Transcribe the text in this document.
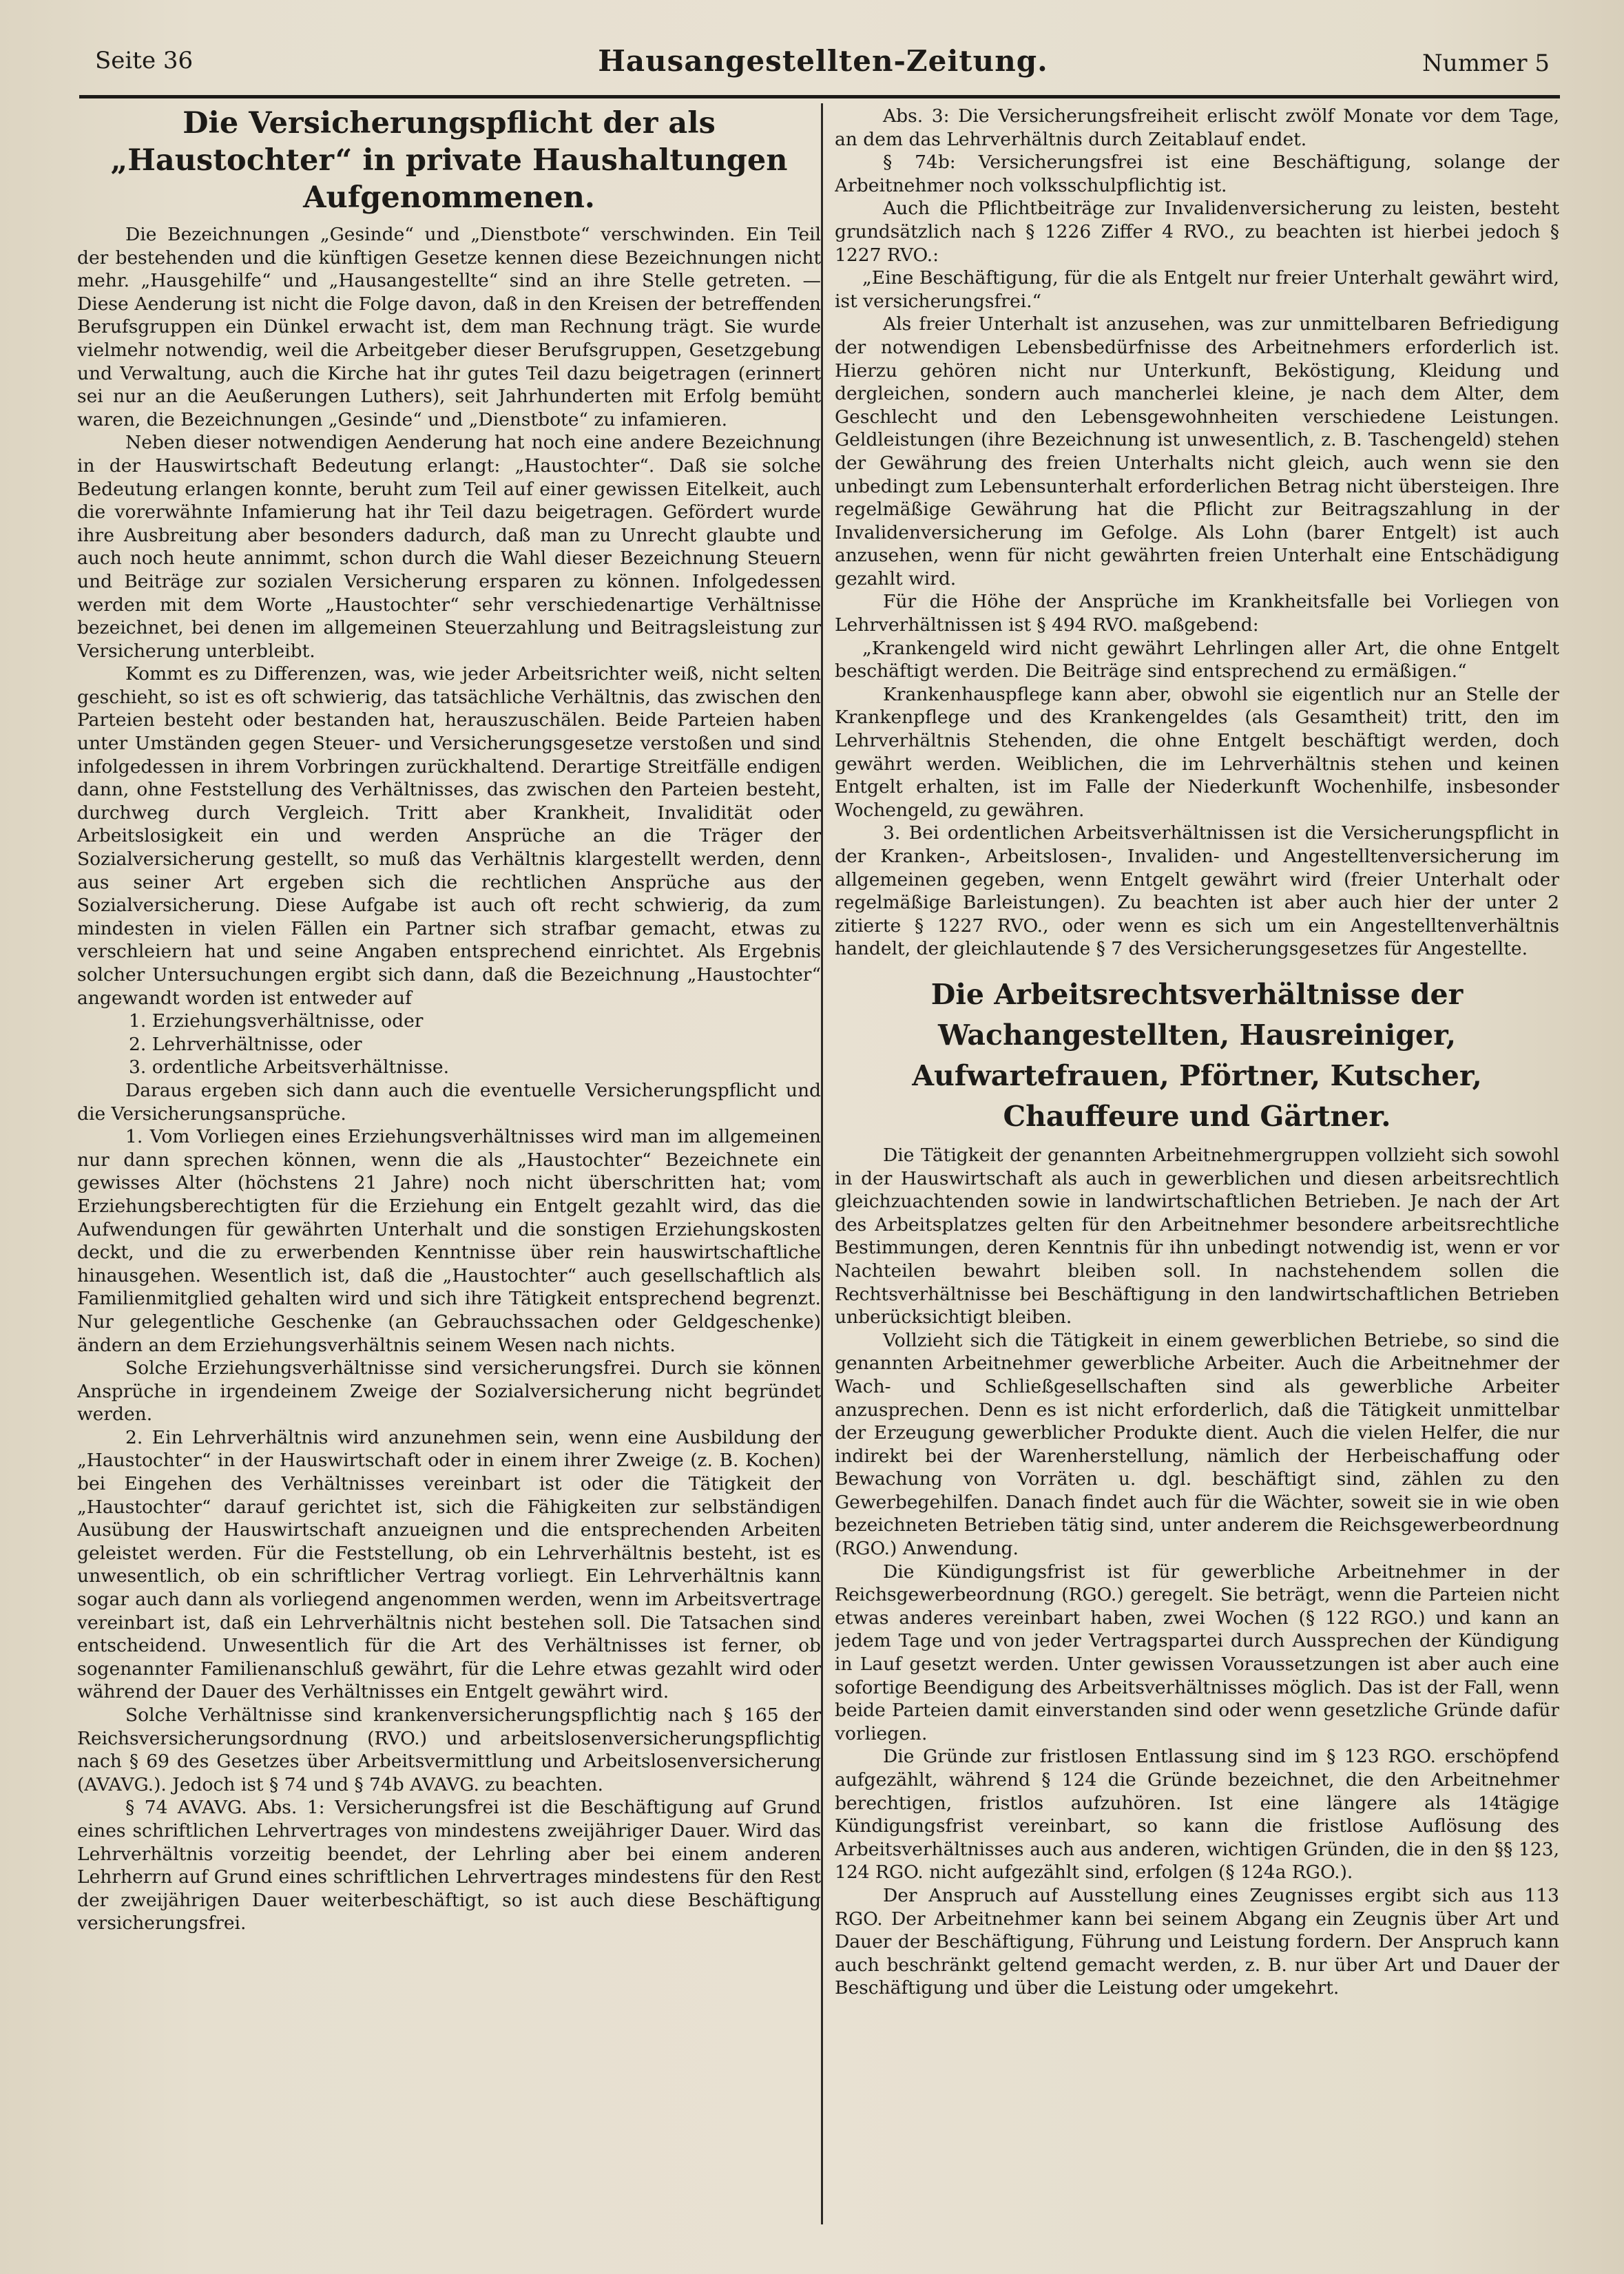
Seite 36	Hausangestellten-Zeitung.	Nummer 5
Die Versicherungspflicht der als „Haustochter“ in private Haushaltungen Aufgenommenen.

Die Bezeichnungen „Gesinde“ und „Dienstbote“ verschwinden. Ein Teil der bestehenden und die künftigen Gesetze kennen diese Bezeichnungen nicht mehr. „Hausgehilfe“ und „Hausangestellte“ sind an ihre Stelle getreten. — Diese Aenderung ist nicht die Folge davon, daß in den Kreisen der betreffenden Berufsgruppen ein Dünkel erwacht ist, dem man Rechnung trägt. Sie wurde vielmehr notwendig, weil die Arbeitgeber dieser Berufsgruppen, Gesetzgebung und Verwaltung, auch die Kirche hat ihr gutes Teil dazu beigetragen (erinnert sei nur an die Aeußerungen Luthers), seit Jahrhunderten mit Erfolg bemüht waren, die Bezeichnungen „Gesinde“ und „Dienstbote“ zu infamieren.

Neben dieser notwendigen Aenderung hat noch eine andere Bezeichnung in der Hauswirtschaft Bedeutung erlangt: „Haustochter“. Daß sie solche Bedeutung erlangen konnte, beruht zum Teil auf einer gewissen Eitelkeit, auch die vorerwähnte Infamierung hat ihr Teil dazu beigetragen. Gefördert wurde ihre Ausbreitung aber besonders dadurch, daß man zu Unrecht glaubte und auch noch heute annimmt, schon durch die Wahl dieser Bezeichnung Steuern und Beiträge zur sozialen Versicherung ersparen zu können. Infolgedessen werden mit dem Worte „Haustochter“ sehr verschiedenartige Verhältnisse bezeichnet, bei denen im allgemeinen Steuerzahlung und Beitragsleistung zur Versicherung unterbleibt.

Kommt es zu Differenzen, was, wie jeder Arbeitsrichter weiß, nicht selten geschieht, so ist es oft schwierig, das tatsächliche Verhältnis, das zwischen den Parteien besteht oder bestanden hat, herauszuschälen. Beide Parteien haben unter Umständen gegen Steuer- und Versicherungsgesetze verstoßen und sind infolgedessen in ihrem Vorbringen zurückhaltend. Derartige Streitfälle endigen dann, ohne Feststellung des Verhältnisses, das zwischen den Parteien besteht, durchweg durch Vergleich. Tritt aber Krankheit, Invalidität oder Arbeitslosigkeit ein und werden Ansprüche an die Träger der Sozialversicherung gestellt, so muß das Verhältnis klargestellt werden, denn aus seiner Art ergeben sich die rechtlichen Ansprüche aus der Sozialversicherung. Diese Aufgabe ist auch oft recht schwierig, da zum mindesten in vielen Fällen ein Partner sich strafbar gemacht, etwas zu verschleiern hat und seine Angaben entsprechend einrichtet. Als Ergebnis solcher Untersuchungen ergibt sich dann, daß die Bezeichnung „Haustochter“ angewandt worden ist entweder auf

1. Erziehungsverhältnisse, oder
2. Lehrverhältnisse, oder
3. ordentliche Arbeitsverhältnisse.

Daraus ergeben sich dann auch die eventuelle Versicherungspflicht und die Versicherungsansprüche.

1. Vom Vorliegen eines Erziehungsverhältnisses wird man im allgemeinen nur dann sprechen können, wenn die als „Haustochter“ Bezeichnete ein gewisses Alter (höchstens 21 Jahre) noch nicht überschritten hat; vom Erziehungsberechtigten für die Erziehung ein Entgelt gezahlt wird, das die Aufwendungen für gewährten Unterhalt und die sonstigen Erziehungskosten deckt, und die zu erwerbenden Kenntnisse über rein hauswirtschaftliche hinausgehen. Wesentlich ist, daß die „Haustochter“ auch gesellschaftlich als Familienmitglied gehalten wird und sich ihre Tätigkeit entsprechend begrenzt. Nur gelegentliche Geschenke (an Gebrauchssachen oder Geldgeschenke) ändern an dem Erziehungsverhältnis seinem Wesen nach nichts.

Solche Erziehungsverhältnisse sind versicherungsfrei. Durch sie können Ansprüche in irgendeinem Zweige der Sozialversicherung nicht begründet werden.

2. Ein Lehrverhältnis wird anzunehmen sein, wenn eine Ausbildung der „Haustochter“ in der Hauswirtschaft oder in einem ihrer Zweige (z. B. Kochen) bei Eingehen des Verhältnisses vereinbart ist oder die Tätigkeit der „Haustochter“ darauf gerichtet ist, sich die Fähigkeiten zur selbständigen Ausübung der Hauswirtschaft anzueignen und die entsprechenden Arbeiten geleistet werden. Für die Feststellung, ob ein Lehrverhältnis besteht, ist es unwesentlich, ob ein schriftlicher Vertrag vorliegt. Ein Lehrverhältnis kann sogar auch dann als vorliegend angenommen werden, wenn im Arbeitsvertrage vereinbart ist, daß ein Lehrverhältnis nicht bestehen soll. Die Tatsachen sind entscheidend. Unwesentlich für die Art des Verhältnisses ist ferner, ob sogenannter Familienanschluß gewährt, für die Lehre etwas gezahlt wird oder während der Dauer des Verhältnisses ein Entgelt gewährt wird.

Solche Verhältnisse sind krankenversicherungspflichtig nach § 165 der Reichsversicherungsordnung (RVO.) und arbeitslosenversicherungspflichtig nach § 69 des Gesetzes über Arbeitsvermittlung und Arbeitslosenversicherung (AVAVG.). Jedoch ist § 74 und § 74b AVAVG. zu beachten.

§ 74 AVAVG. Abs. 1: Versicherungsfrei ist die Beschäftigung auf Grund eines schriftlichen Lehrvertrages von mindestens zweijähriger Dauer. Wird das Lehrverhältnis vorzeitig beendet, der Lehrling aber bei einem anderen Lehrherrn auf Grund eines schriftlichen Lehrvertrages mindestens für den Rest der zweijährigen Dauer weiterbeschäftigt, so ist auch diese Beschäftigung versicherungsfrei.

Abs. 3: Die Versicherungsfreiheit erlischt zwölf Monate vor dem Tage, an dem das Lehrverhältnis durch Zeitablauf endet.

§ 74b: Versicherungsfrei ist eine Beschäftigung, solange der Arbeitnehmer noch volksschulpflichtig ist.

Auch die Pflichtbeiträge zur Invalidenversicherung zu leisten, besteht grundsätzlich nach § 1226 Ziffer 4 RVO., zu beachten ist hierbei jedoch § 1227 RVO.:

„Eine Beschäftigung, für die als Entgelt nur freier Unterhalt gewährt wird, ist versicherungsfrei.“

Als freier Unterhalt ist anzusehen, was zur unmittelbaren Befriedigung der notwendigen Lebensbedürfnisse des Arbeitnehmers erforderlich ist. Hierzu gehören nicht nur Unterkunft, Beköstigung, Kleidung und dergleichen, sondern auch mancherlei kleine, je nach dem Alter, dem Geschlecht und den Lebensgewohnheiten verschiedene Leistungen. Geldleistungen (ihre Bezeichnung ist unwesentlich, z. B. Taschengeld) stehen der Gewährung des freien Unterhalts nicht gleich, auch wenn sie den unbedingt zum Lebensunterhalt erforderlichen Betrag nicht übersteigen. Ihre regelmäßige Gewährung hat die Pflicht zur Beitragszahlung in der Invalidenversicherung im Gefolge. Als Lohn (barer Entgelt) ist auch anzusehen, wenn für nicht gewährten freien Unterhalt eine Entschädigung gezahlt wird.

Für die Höhe der Ansprüche im Krankheitsfalle bei Vorliegen von Lehrverhältnissen ist § 494 RVO. maßgebend:

„Krankengeld wird nicht gewährt Lehrlingen aller Art, die ohne Entgelt beschäftigt werden. Die Beiträge sind entsprechend zu ermäßigen.“

Krankenhauspflege kann aber, obwohl sie eigentlich nur an Stelle der Krankenpflege und des Krankengeldes (als Gesamtheit) tritt, den im Lehrverhältnis Stehenden, die ohne Entgelt beschäftigt werden, doch gewährt werden. Weiblichen, die im Lehrverhältnis stehen und keinen Entgelt erhalten, ist im Falle der Niederkunft Wochenhilfe, insbesonder Wochengeld, zu gewähren.

3. Bei ordentlichen Arbeitsverhältnissen ist die Versicherungspflicht in der Kranken-, Arbeitslosen-, Invaliden- und Angestelltenversicherung im allgemeinen gegeben, wenn Entgelt gewährt wird (freier Unterhalt oder regelmäßige Barleistungen). Zu beachten ist aber auch hier der unter 2 zitierte § 1227 RVO., oder wenn es sich um ein Angestelltenverhältnis handelt, der gleichlautende § 7 des Versicherungsgesetzes für Angestellte.

Die Arbeitsrechtsverhältnisse der Wachangestellten, Hausreiniger, Aufwartefrauen, Pförtner, Kutscher, Chauffeure und Gärtner.

Die Tätigkeit der genannten Arbeitnehmergruppen vollzieht sich sowohl in der Hauswirtschaft als auch in gewerblichen und diesen arbeitsrechtlich gleichzuachtenden sowie in landwirtschaftlichen Betrieben. Je nach der Art des Arbeitsplatzes gelten für den Arbeitnehmer besondere arbeitsrechtliche Bestimmungen, deren Kenntnis für ihn unbedingt notwendig ist, wenn er vor Nachteilen bewahrt bleiben soll. In nachstehendem sollen die Rechtsverhältnisse bei Beschäftigung in den landwirtschaftlichen Betrieben unberücksichtigt bleiben.

Vollzieht sich die Tätigkeit in einem gewerblichen Betriebe, so sind die genannten Arbeitnehmer gewerbliche Arbeiter. Auch die Arbeitnehmer der Wach- und Schließgesellschaften sind als gewerbliche Arbeiter anzusprechen. Denn es ist nicht erforderlich, daß die Tätigkeit unmittelbar der Erzeugung gewerblicher Produkte dient. Auch die vielen Helfer, die nur indirekt bei der Warenherstellung, nämlich der Herbeischaffung oder Bewachung von Vorräten u. dgl. beschäftigt sind, zählen zu den Gewerbegehilfen. Danach findet auch für die Wächter, soweit sie in wie oben bezeichneten Betrieben tätig sind, unter anderem die Reichsgewerbeordnung (RGO.) Anwendung.

Die Kündigungsfrist ist für gewerbliche Arbeitnehmer in der Reichsgewerbeordnung (RGO.) geregelt. Sie beträgt, wenn die Parteien nicht etwas anderes vereinbart haben, zwei Wochen (§ 122 RGO.) und kann an jedem Tage und von jeder Vertragspartei durch Aussprechen der Kündigung in Lauf gesetzt werden. Unter gewissen Voraussetzungen ist aber auch eine sofortige Beendigung des Arbeitsverhältnisses möglich. Das ist der Fall, wenn beide Parteien damit einverstanden sind oder wenn gesetzliche Gründe dafür vorliegen.

Die Gründe zur fristlosen Entlassung sind im § 123 RGO. erschöpfend aufgezählt, während § 124 die Gründe bezeichnet, die den Arbeitnehmer berechtigen, fristlos aufzuhören. Ist eine längere als 14tägige Kündigungsfrist vereinbart, so kann die fristlose Auflösung des Arbeitsverhältnisses auch aus anderen, wichtigen Gründen, die in den §§ 123, 124 RGO. nicht aufgezählt sind, erfolgen (§ 124a RGO.).

Der Anspruch auf Ausstellung eines Zeugnisses ergibt sich aus 113 RGO. Der Arbeitnehmer kann bei seinem Abgang ein Zeugnis über Art und Dauer der Beschäftigung, Führung und Leistung fordern. Der Anspruch kann auch beschränkt geltend gemacht werden, z. B. nur über Art und Dauer der Beschäftigung und über die Leistung oder umgekehrt.
